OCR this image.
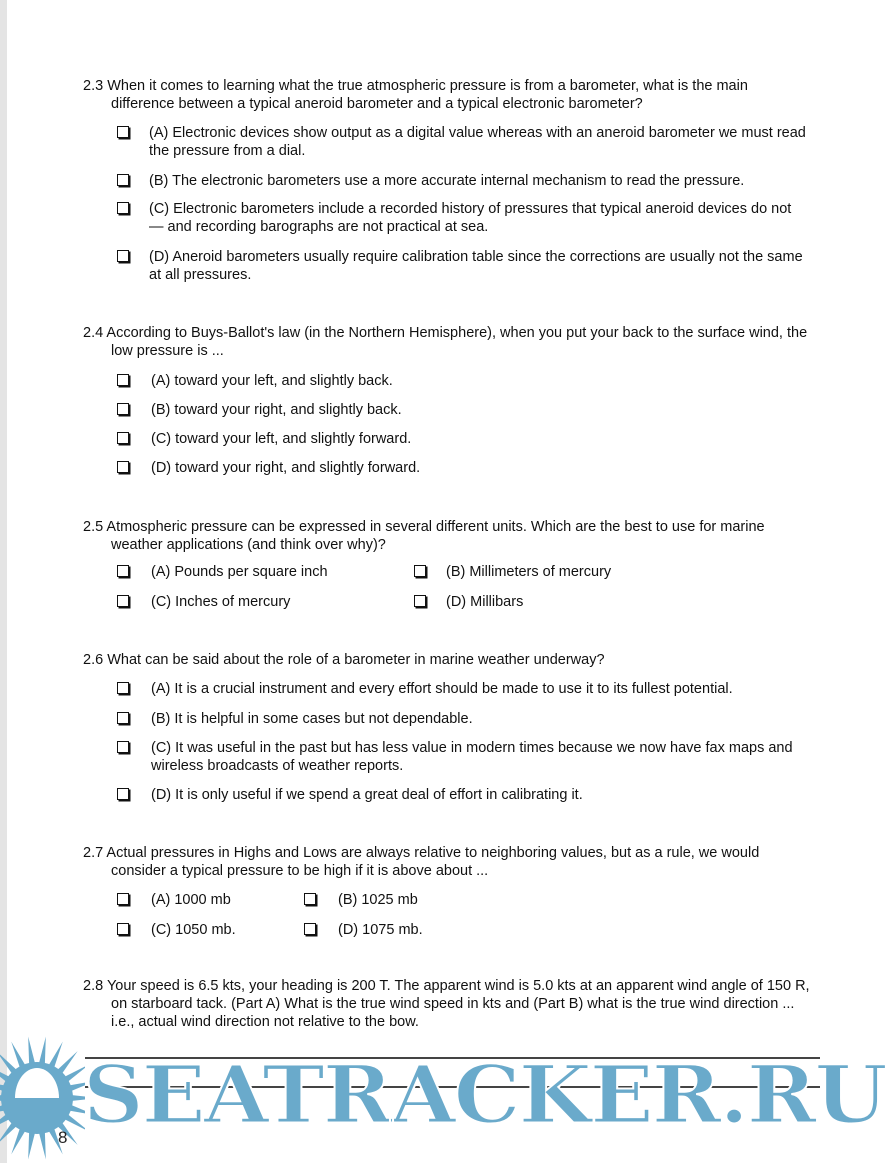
2.3 When it comes to learning what the true atmospheric pressure is from a barometer, what is the main difference between a typical aneroid barometer and a typical electronic barometer?
(A) Electronic devices show output as a digital value whereas with an aneroid barometer we must read the pressure from a dial.
(B) The electronic barometers use a more accurate internal mechanism to read the pressure.
(C) Electronic barometers include a recorded history of pressures that typical aneroid devices do not — and recording barographs are not practical at sea.
(D) Aneroid barometers usually require calibration table since the corrections are usually not the same at all pressures.
2.4 According to Buys-Ballot's law (in the Northern Hemisphere), when you put your back to the surface wind, the low pressure is ...
(A) toward your left, and slightly back.
(B) toward your right, and slightly back.
(C) toward your left, and slightly forward.
(D) toward your right, and slightly forward.
2.5 Atmospheric pressure can be expressed in several different units. Which are the best to use for marine weather applications (and think over why)?
(A) Pounds per square inch	(B) Millimeters of mercury
(C) Inches of mercury	(D) Millibars
2.6 What can be said about the role of a barometer in marine weather underway?
(A) It is a crucial instrument and every effort should be made to use it to its fullest potential.
(B) It is helpful in some cases but not dependable.
(C) It was useful in the past but has less value in modern times because we now have fax maps and wireless broadcasts of weather reports.
(D) It is only useful if we spend a great deal of effort in calibrating it.
2.7 Actual pressures in Highs and Lows are always relative to neighboring values, but as a rule, we would consider a typical pressure to be high if it is above about ...
(A) 1000 mb	(B) 1025 mb
(C) 1050 mb.	(D) 1075 mb.
2.8 Your speed is 6.5 kts, your heading is 200 T. The apparent wind is 5.0 kts at an apparent wind angle of 150 R, on starboard tack. (Part A) What is the true wind speed in kts and (Part B) what is the true wind direction ... i.e., actual wind direction not relative to the bow.
SEATRACKER.RU
8
